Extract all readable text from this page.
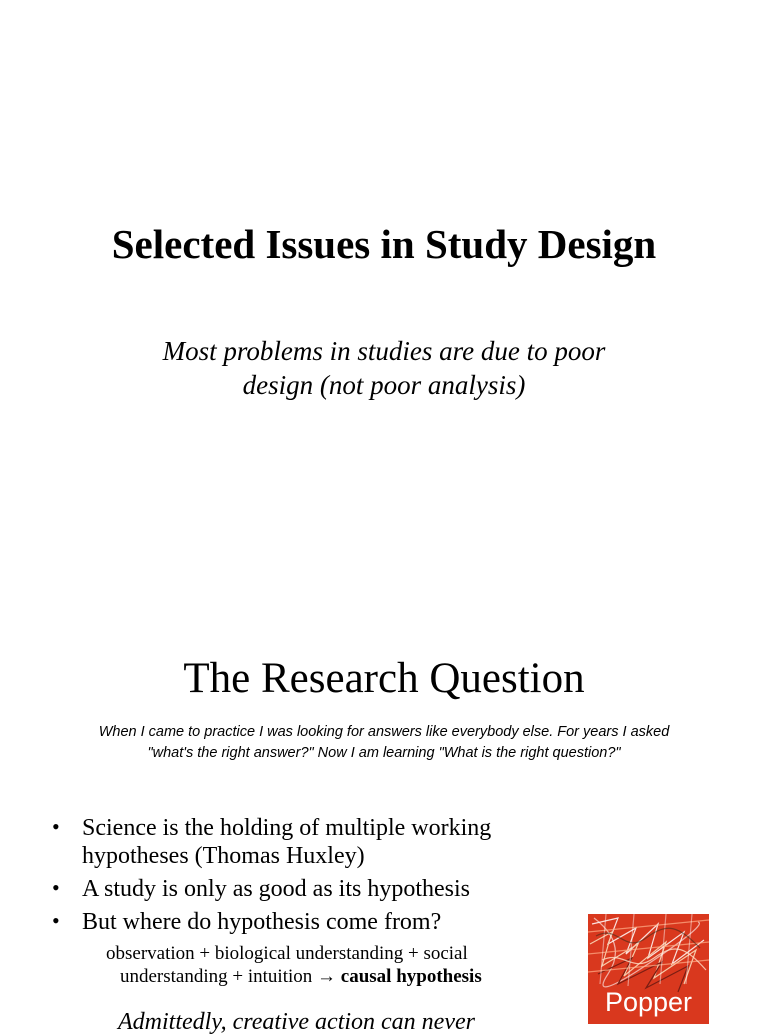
Selected Issues in Study Design
Most problems in studies are due to poor
design (not poor analysis)
The Research Question
When I came to practice I was looking for answers like everybody else. For years I asked
"what's the right answer?" Now I am learning "What is the right question?"
• Science is the holding of multiple working
hypotheses (Thomas Huxley)
• A study is only as good as its hypothesis
• But where do hypothesis come from?
observation + biological understanding + social
understanding + intuition → causal hypothesis
Admittedly, creative action can never
Popper
